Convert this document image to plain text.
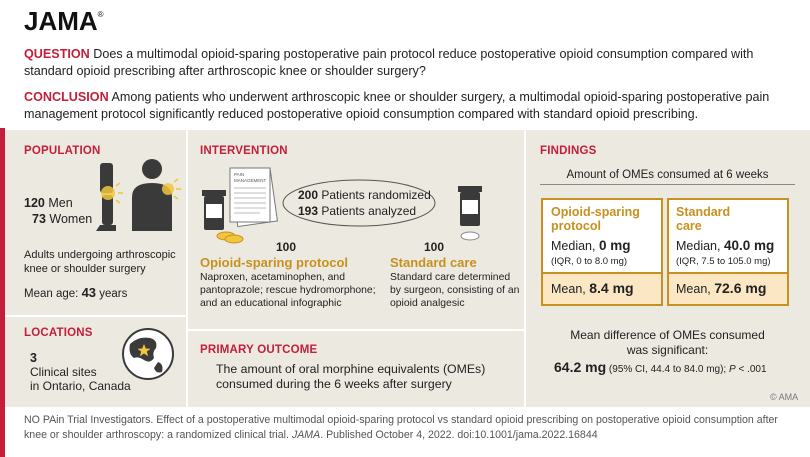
JAMA®
QUESTION Does a multimodal opioid-sparing postoperative pain protocol reduce postoperative opioid consumption compared with standard opioid prescribing after arthroscopic knee or shoulder surgery?
CONCLUSION Among patients who underwent arthroscopic knee or shoulder surgery, a multimodal opioid-sparing postoperative pain management protocol significantly reduced postoperative opioid consumption compared with standard opioid prescribing.
POPULATION
120 Men
73 Women
Adults undergoing arthroscopic knee or shoulder surgery
Mean age: 43 years
LOCATIONS
3
Clinical sites
in Ontario, Canada
INTERVENTION
PAIN
MANAGEMENT
200 Patients randomized
193 Patients analyzed
100
Opioid-sparing protocol
Naproxen, acetaminophen, and pantoprazole; rescue hydromorphone; and an educational infographic
100
Standard care
Standard care determined by surgeon, consisting of an opioid analgesic
PRIMARY OUTCOME
The amount of oral morphine equivalents (OMEs) consumed during the 6 weeks after surgery
FINDINGS
Amount of OMEs consumed at 6 weeks
Opioid-sparing
protocol
Median, 0 mg
(IQR, 0 to 8.0 mg)
Mean, 8.4 mg
Standard
care
Median, 40.0 mg
(IQR, 7.5 to 105.0 mg)
Mean, 72.6 mg
Mean difference of OMEs consumed
was significant:
64.2 mg (95% CI, 44.4 to 84.0 mg); P < .001
© AMA
NO PAin Trial Investigators. Effect of a postoperative multimodal opioid-sparing protocol vs standard opioid prescribing on postoperative opioid consumption after knee or shoulder arthroscopy: a randomized clinical trial. JAMA. Published October 4, 2022. doi:10.1001/jama.2022.16844
